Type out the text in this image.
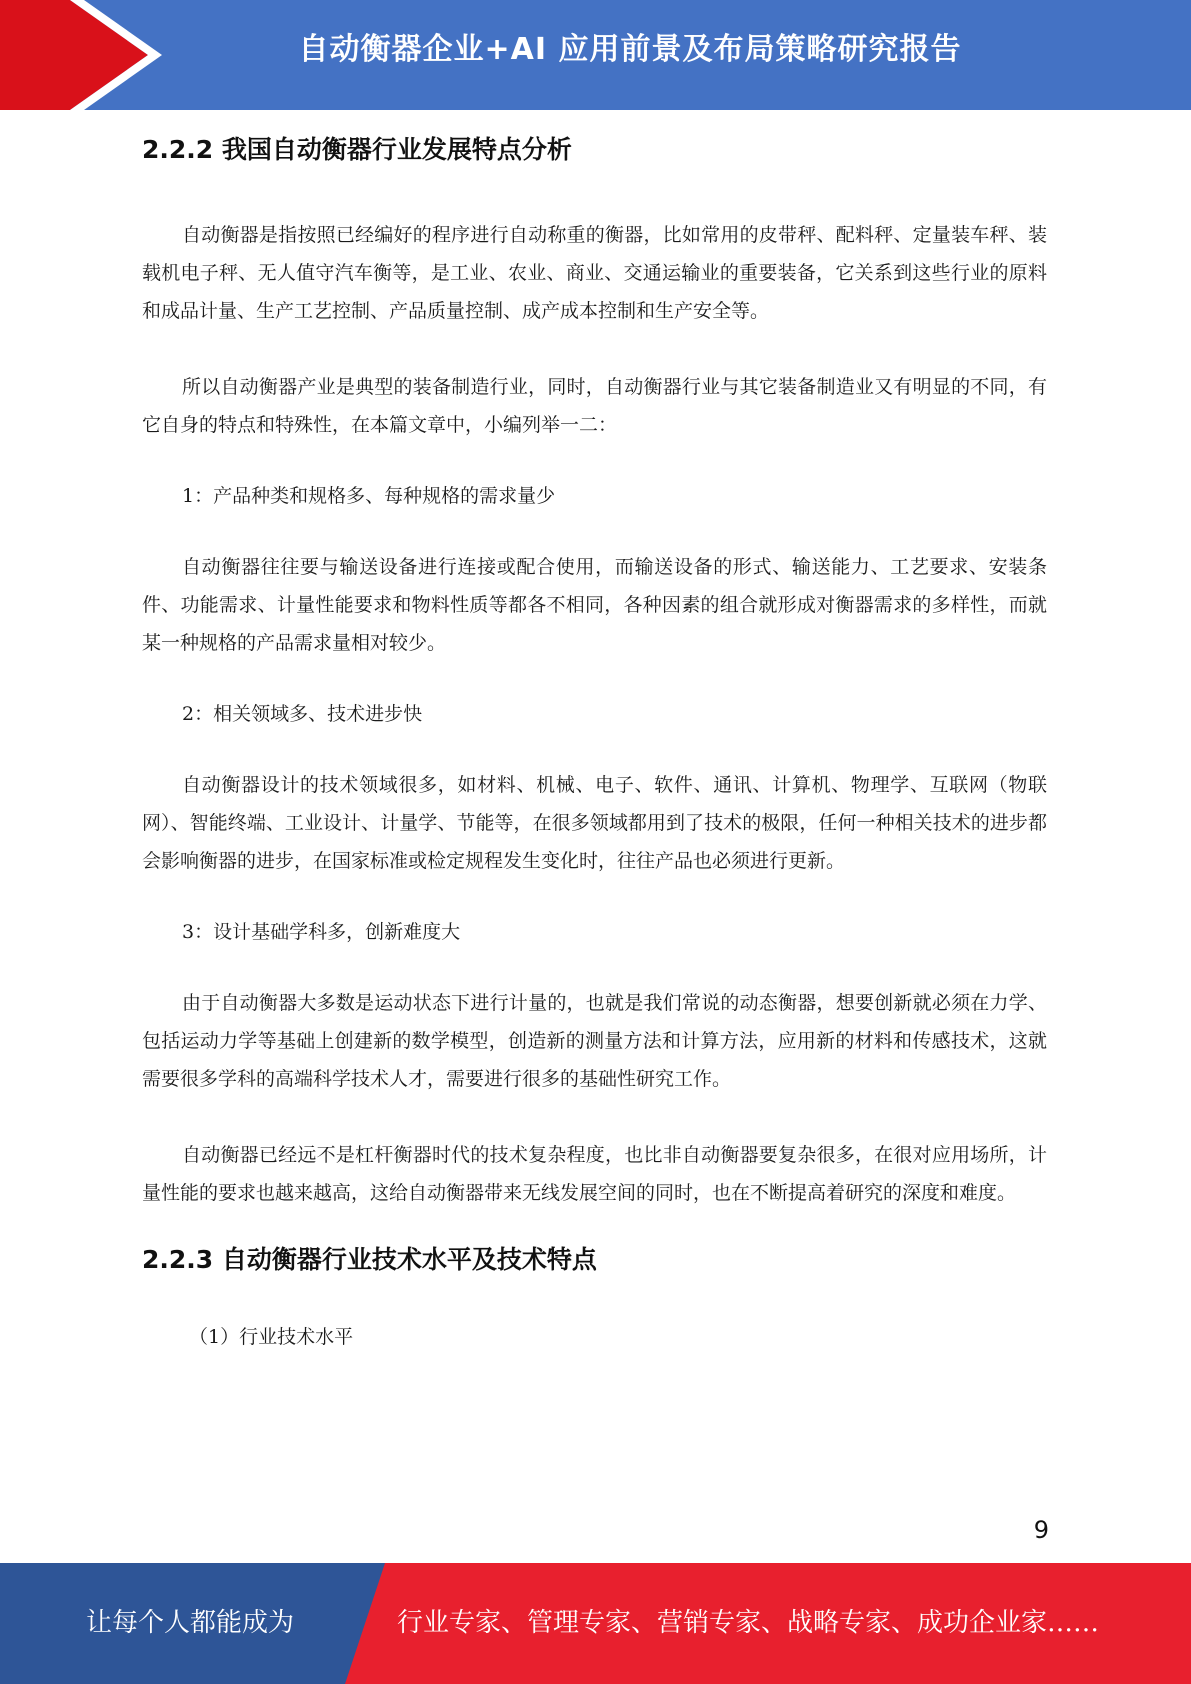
自动衡器企业+AI 应用前景及布局策略研究报告
2.2.2 我国自动衡器行业发展特点分析

自动衡器是指按照已经编好的程序进行自动称重的衡器，比如常用的皮带秤、配料秤、定量装车秤、装载机电子秤、无人值守汽车衡等，是工业、农业、商业、交通运输业的重要装备，它关系到这些行业的原料和成品计量、生产工艺控制、产品质量控制、成产成本控制和生产安全等。

所以自动衡器产业是典型的装备制造行业，同时，自动衡器行业与其它装备制造业又有明显的不同，有它自身的特点和特殊性，在本篇文章中，小编列举一二：

1：产品种类和规格多、每种规格的需求量少

自动衡器往往要与输送设备进行连接或配合使用，而输送设备的形式、输送能力、工艺要求、安装条件、功能需求、计量性能要求和物料性质等都各不相同，各种因素的组合就形成对衡器需求的多样性，而就某一种规格的产品需求量相对较少。

2：相关领域多、技术进步快

自动衡器设计的技术领域很多，如材料、机械、电子、软件、通讯、计算机、物理学、互联网（物联网）、智能终端、工业设计、计量学、节能等，在很多领域都用到了技术的极限，任何一种相关技术的进步都会影响衡器的进步，在国家标准或检定规程发生变化时，往往产品也必须进行更新。

3：设计基础学科多，创新难度大

由于自动衡器大多数是运动状态下进行计量的，也就是我们常说的动态衡器，想要创新就必须在力学、包括运动力学等基础上创建新的数学模型，创造新的测量方法和计算方法，应用新的材料和传感技术，这就需要很多学科的高端科学技术人才，需要进行很多的基础性研究工作。

自动衡器已经远不是杠杆衡器时代的技术复杂程度，也比非自动衡器要复杂很多，在很对应用场所，计量性能的要求也越来越高，这给自动衡器带来无线发展空间的同时，也在不断提高着研究的深度和难度。

2.2.3 自动衡器行业技术水平及技术特点

（1）行业技术水平

9
让每个人都能成为	行业专家、管理专家、营销专家、战略专家、成功企业家……
